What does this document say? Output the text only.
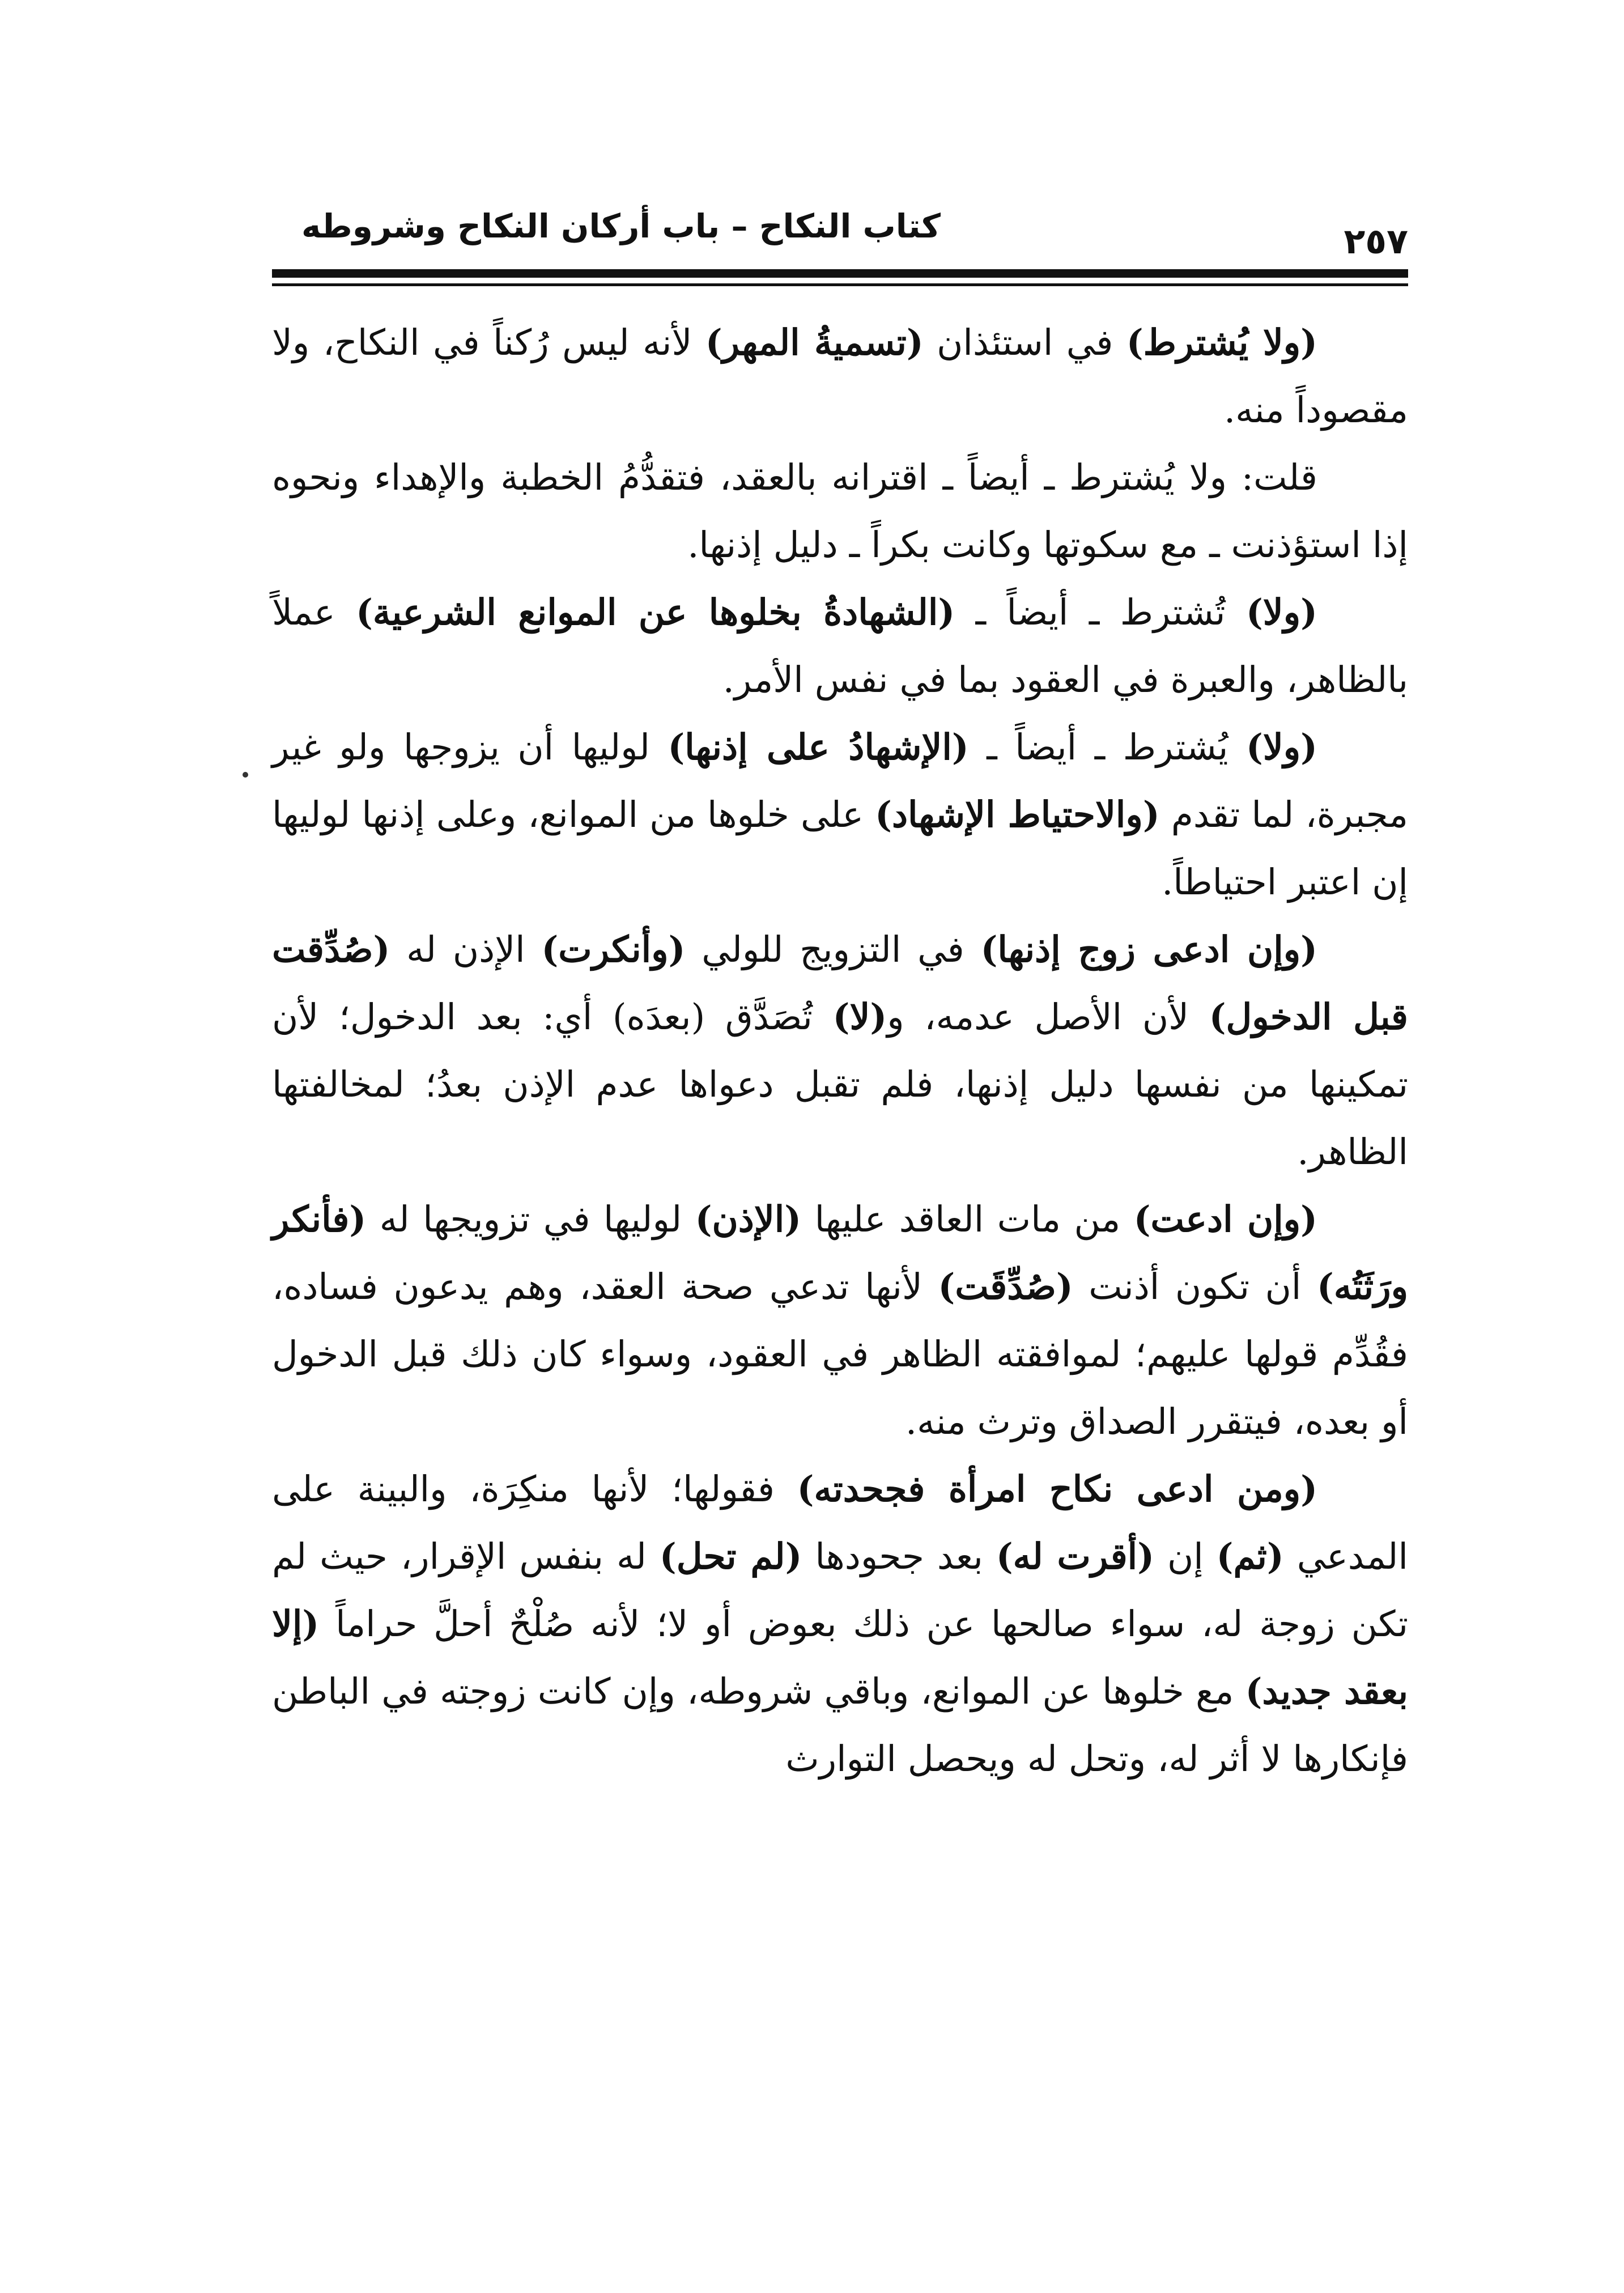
كتاب النكاح – باب أركان النكاح وشروطه	٢٥٧

(ولا يُشترط) في استئذان (تسميةُ المهر) لأنه ليس رُكناً في النكاح، ولا مقصوداً منه.

قلت: ولا يُشترط ـ أيضاً ـ اقترانه بالعقد، فتقدُّمُ الخطبة والإهداء ونحوه إذا استؤذنت ـ مع سكوتها وكانت بكراً ـ دليل إذنها.

(ولا) تُشترط ـ أيضاً ـ (الشهادةُ بخلوها عن الموانع الشرعية) عملاً بالظاهر، والعبرة في العقود بما في نفس الأمر.

(ولا) يُشترط ـ أيضاً ـ (الإشهادُ على إذنها) لوليها أن يزوجها ولو غير مجبرة، لما تقدم (والاحتياط الإشهاد) على خلوها من الموانع، وعلى إذنها لوليها إن اعتبر احتياطاً.

(وإن ادعى زوج إذنها) في التزويج للولي (وأنكرت) الإذن له (صُدِّقت قبل الدخول) لأن الأصل عدمه، و(لا) تُصَدَّق (بعدَه) أي: بعد الدخول؛ لأن تمكينها من نفسها دليل إذنها، فلم تقبل دعواها عدم الإذن بعدُ؛ لمخالفتها الظاهر.

(وإن ادعت) من مات العاقد عليها (الإذن) لوليها في تزويجها له (فأنكر ورَثَتُه) أن تكون أذنت (صُدِّقَت) لأنها تدعي صحة العقد، وهم يدعون فساده، فقُدِّم قولها عليهم؛ لموافقته الظاهر في العقود، وسواء كان ذلك قبل الدخول أو بعده، فيتقرر الصداق وترث منه.

(ومن ادعى نكاح امرأة فجحدته) فقولها؛ لأنها منكِرَة، والبينة على المدعي (ثم) إن (أقرت له) بعد جحودها (لم تحل) له بنفس الإقرار، حيث لم تكن زوجة له، سواء صالحها عن ذلك بعوض أو لا؛ لأنه صُلْحٌ أحلَّ حراماً (إلا بعقد جديد) مع خلوها عن الموانع، وباقي شروطه، وإن كانت زوجته في الباطن فإنكارها لا أثر له، وتحل له ويحصل التوارث
